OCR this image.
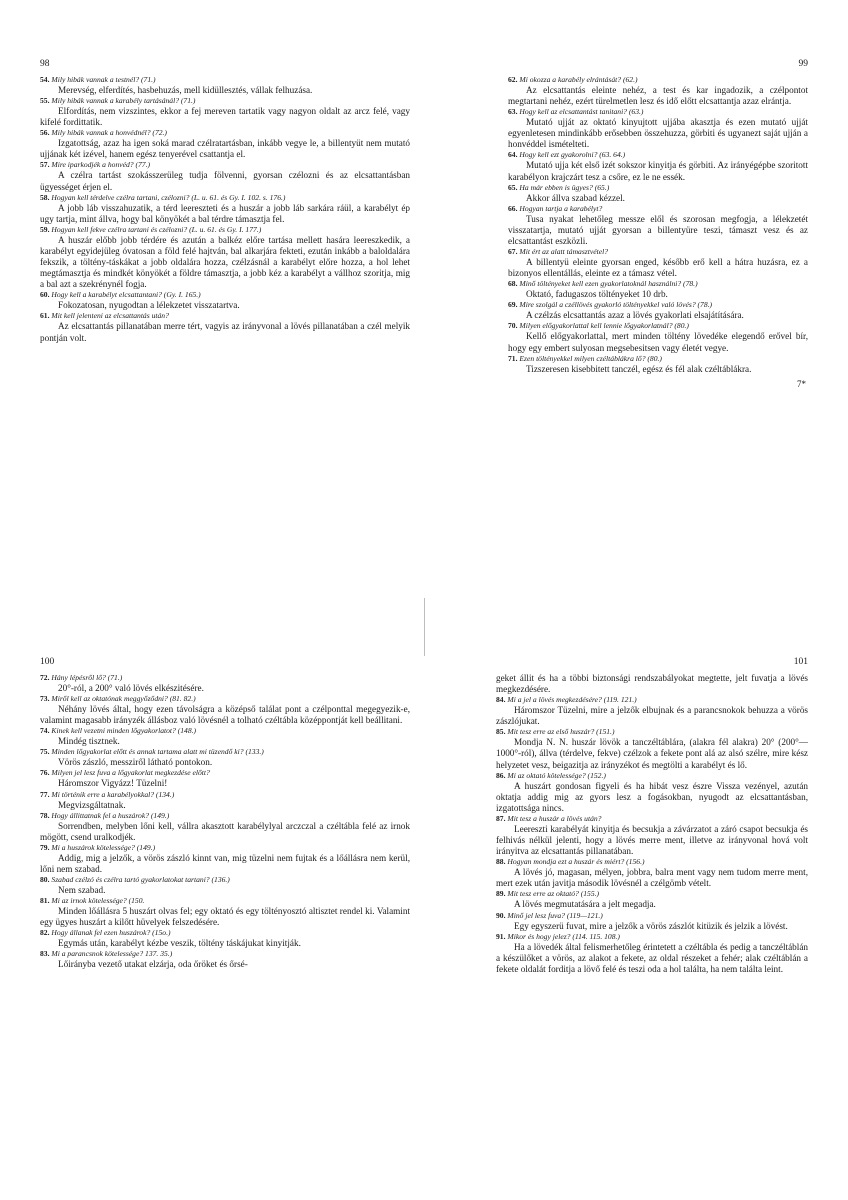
98
54. Mily hibák vannak a testnél? (71.)
Merevség, elferdítés, hasbehuzás, mell kidüllesztés, vállak felhuzása.
55. Mily hibák vannak a karabély tartásánál? (71.)
Elfordítás, nem vizszintes, ekkor a fej mereven tartatik vagy nagyon oldalt az arcz felé, vagy kifelé fordittatik.
56. Mily hibák vannak a honvédnél? (72.)
Izgatottság, azaz ha igen soká marad czélratartásban, inkább vegye le, a billentyüt nem mutató ujjának két izével, hanem egész tenyerével csattantja el.
57. Mire iparkodjék a honvéd? (77.)
A czélra tartást szokásszerüleg tudja fölvenni, gyorsan czélozni és az elcsattantásban ügyességet érjen el.
58. Hogyan kell térdelve czélra tartani, czélozni? (L. u. 61. és Gy. I. 102. s. 176.)
A jobb láb visszahuzatik, a térd leereszteti és a huszár a jobb láb sarkára ráül, a karabélyt ép ugy tartja, mint állva, hogy bal könyökét a bal térdre támasztja fel.
59. Hogyan kell fekve czélra tartani és czélozni? (L. u. 61. és Gy. I. 177.)
A huszár előbb jobb térdére és azután a balkéz előre tartása mellett hasára leereszkedik, a karabélyt egyidejüleg óvatosan a föld felé hajtván, bal alkarjára fekteti, ezután inkább a baloldalára fekszik, a töltény-táskákat a jobb oldalára hozza, czélzásnál a karabélyt előre hozza, a hol lehet megtámasztja és mindkét könyökét a földre támasztja, a jobb kéz a karabélyt a vállhoz szoritja, mig a bal azt a szekrénynél fogja.
60. Hogy kell a karabélyt elcsattantani? (Gy. I. 165.)
Fokozatosan, nyugodtan a lélekzetet visszatartva.
61. Mit kell jelenteni az elcsattantás után?
Az elcsattantás pillanatában merre tért, vagyis az irányvonal a lövés pillanatában a czél melyik pontján volt.
99
62. Mi okozza a karabély elrántását? (62.)
Az elcsattantás eleinte nehéz, a test és kar ingadozik, a czélpontot megtartani nehéz, ezért türelmetlen lesz és idő előtt elcsattantja azaz elrántja.
63. Hogy kell az elcsattantást tanitani? (63.)
Mutató ujját az oktató kinyujtott ujjába akasztja és ezen mutató ujját egyenletesen mindinkább erősebben összehuzza, görbiti és ugyanezt saját ujján a honvéddel ismételteti.
64. Hogy kell ezt gyakorolni? (63. 64.)
Mutató ujja két első izét sokszor kinyitja és görbiti. Az irányégépbe szoritott karabélyon krajczárt tesz a csőre, ez le ne essék.
65. Ha már ebben is ügyes? (65.)
Akkor állva szabad kézzel.
66. Hogyan tartja a karabélyt?
Tusa nyakat lehetőleg messze elől és szorosan megfogja, a lélekzetét visszatartja, mutató ujját gyorsan a billentyüre teszi, támaszt vesz és az elcsattantást eszközli.
67. Mit ért az alatt támasztvétel?
A billentyü eleinte gyorsan enged, később erő kell a hátra huzásra, ez a bizonyos ellentállás, eleinte ez a támasz vétel.
68. Minő töltényeket kell ezen gyakorlatoknál használni? (78.)
Oktató, fadugaszos töltényeket 10 drb.
69. Mire szolgál a czéllövés gyakorló töltényekkel való lövés? (78.)
A czélzás elcsattantás azaz a lövés gyakorlati elsajátítására.
70. Milyen előgyakorlattal kell lennie lőgyakorlatnál? (80.)
Kellő előgyakorlattal, mert minden töltény lövedéke elegendő erővel bír, hogy egy embert sulyosan megsebesitsen vagy életét vegye.
71. Ezen töltényekkel milyen czéltáblákra lő? (80.)
Tizszeresen kisebbitett tanczél, egész és fél alak czéltáblákra.
7*
100
72. Hány lépésről lő? (71.)
20°-ról, a 200° való lövés elkészitésére.
73. Miről kell az oktatónak meggyőződni? (81. 82.)
Néhány lövés által, hogy ezen távolságra a középső találat pont a czélponttal megegyezik-e, valamint magasabb irányzék állásboz való lövésnél a tolható czéltábla középpontját kell beállitani.
74. Kinek kell vezetni minden lőgyakorlatot? (148.)
Mindég tisztnek.
75. Minden lőgyakorlat előtt és annak tartama alatt mi tüzendő ki? (133.)
Vörös zászló, messziről látható pontokon.
76. Milyen jel lesz fuva a lőgyakorlat megkezdése előtt?
Háromszor Vigyázz! Tüzelni!
77. Mi történik erre a karabélyokkal? (134.)
Megvizsgáltatnak.
78. Hogy állittatnak fel a huszárok? (149.)
Sorrendben, melyben lőni kell, vállra akasztott karabélylyal arczczal a czéltábla felé az irnok mögött, csend uralkodjék.
79. Mi a huszárok kötelessége? (149.)
Addig, mig a jelzők, a vörös zászló kinnt van, mig tüzelni nem fujtak és a lőállásra nem kerül, lőni nem szabad.
80. Szabad czélzó és czélra tartó gyakorlatokat tartani? (136.)
Nem szabad.
81. Mi az irnok kötelessége? (150.
Minden lőállásra 5 huszárt olvas fel; egy oktató és egy töltényosztó altisztet rendel ki. Valamint egy ügyes huszárt a kilőtt hüvelyek felszedésére.
82. Hogy állanak fel ezen huszárok? (15o.)
Egymás után, karabélyt kézbe veszik, töltény táskájukat kinyitják.
83. Mi a parancsnok kötelessége? 137. 35.)
Lőirányba vezető utakat elzárja, oda őröket és őrsé-
101
geket állit és ha a többi biztonsági rendszabályokat megtette, jelt fuvatja a lövés megkezdésére.
84. Mi a jel a lövés megkezdésére? (119. 121.)
Háromszor Tüzelni, mire a jelzők elbujnak és a parancsnokok behuzza a vörös zászlójukat.
85. Mit tesz erre az első huszár? (151.)
Mondja N. N. huszár lövök a tanczéltáblára, (alakra fél alakra) 20° (200°—1000°-ról), állva (térdelve, fekve) czélzok a fekete pont alá az alsó szélre, mire kész helyzetet vesz, beigazitja az irányzékot és megtölti a karabélyt és lő.
86. Mi az oktató kötelessége? (152.)
A huszárt gondosan figyeli és ha hibát vesz észre Vissza vezényel, azután oktatja addig mig az gyors lesz a fogásokban, nyugodt az elcsattantásban, izgatottsága nincs.
87. Mit tesz a huszár a lövés után?
Leereszti karabélyát kinyitja és becsukja a závárzatot a záró csapot becsukja és felhivás nélkül jelenti, hogy a lövés merre ment, illetve az irányvonal hová volt irányitva az elcsattantás pillanatában.
88. Hogyan mondja ezt a huszár és miért? (156.)
A lövés jó, magasan, mélyen, jobbra, balra ment vagy nem tudom merre ment, mert ezek után javitja második lövésnél a czélgömb vételt.
89. Mit tesz erre az oktató? (155.)
A lövés megmutatására a jelt megadja.
90. Minő jel lesz fuva? (119—121.)
Egy egyszerü fuvat, mire a jelzők a vörös zászlót kitüzik és jelzik a lövést.
91. Mikor és hogy jelez? (114. 115. 108.)
Ha a lövedék által felismerhetőleg érintetett a czéltábla és pedig a tanczéltáblán a készülőket a vörös, az alakot a fekete, az oldal részeket a fehér; alak czéltáblán a fekete oldalát forditja a lövő felé és teszi oda a hol találta, ha nem találta leint.
